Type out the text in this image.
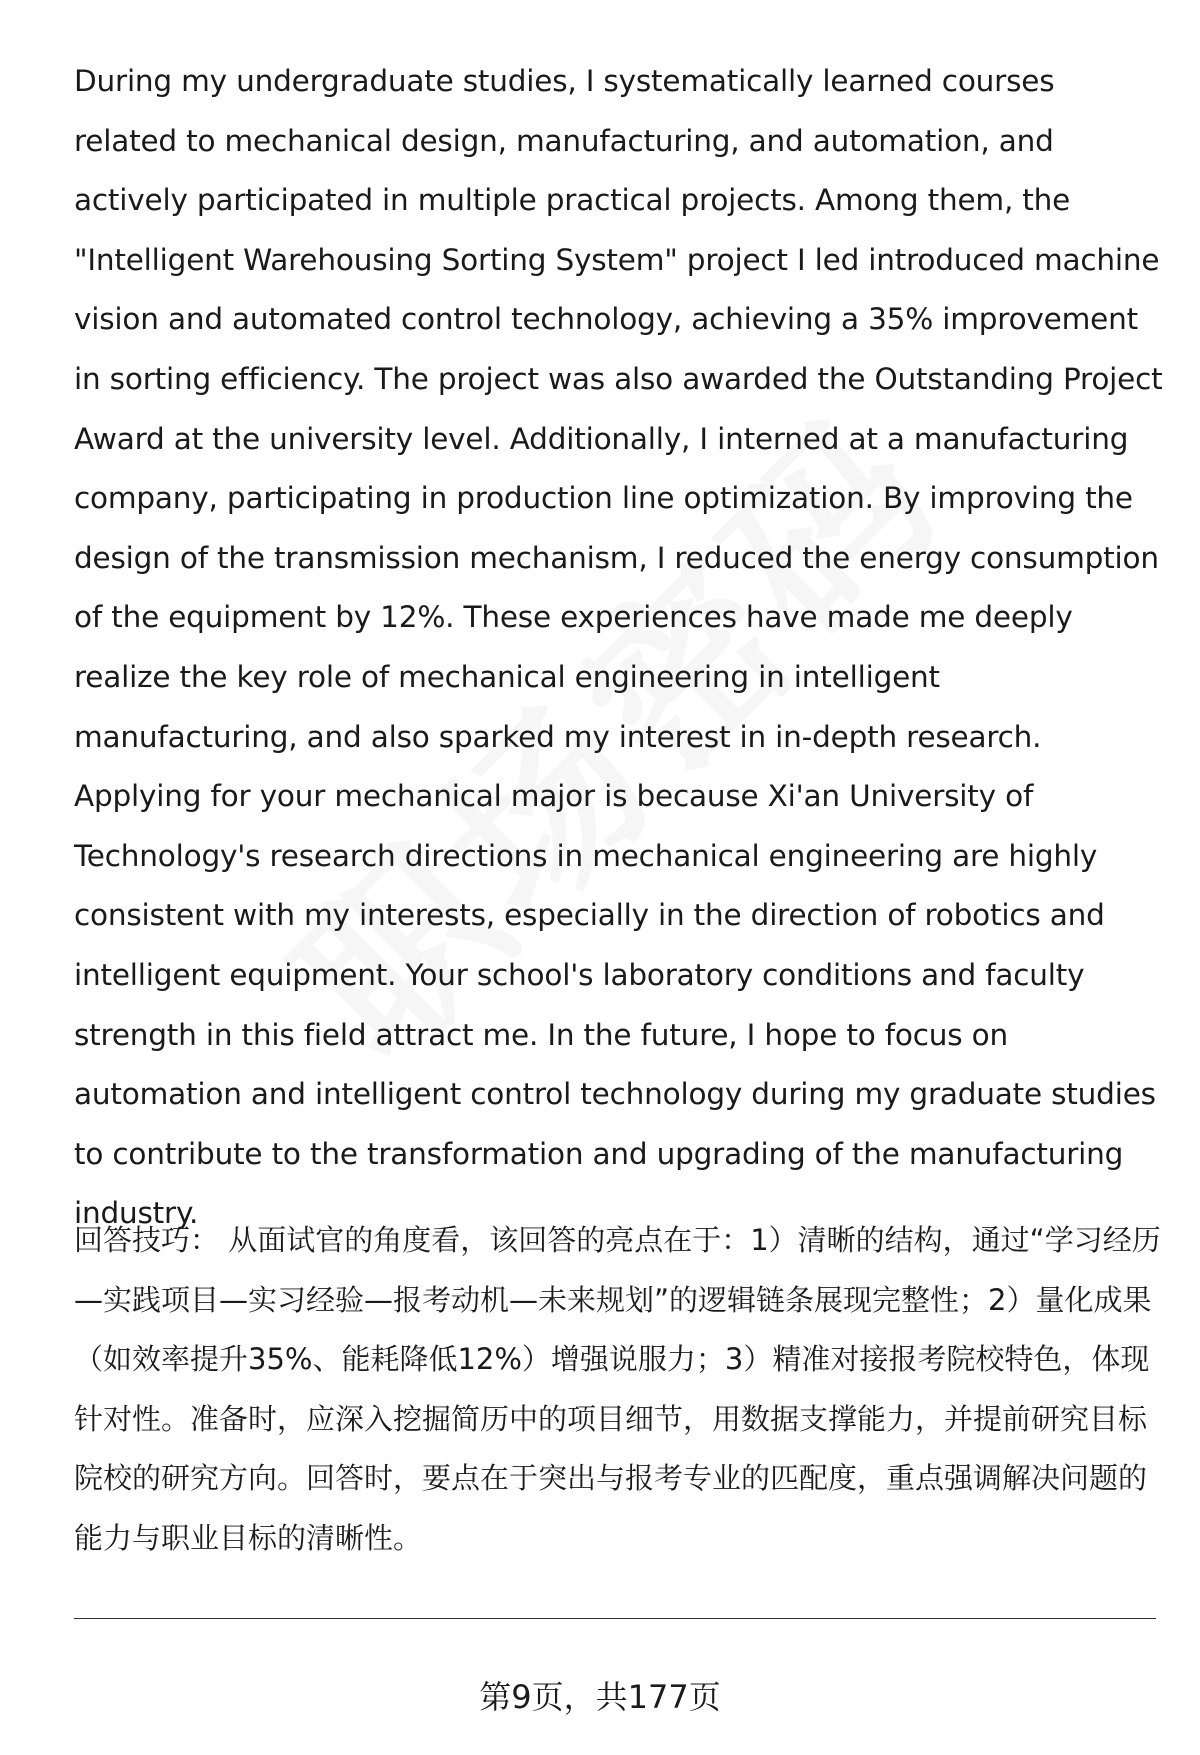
During my undergraduate studies, I systematically learned courses related to mechanical design, manufacturing, and automation, and actively participated in multiple practical projects. Among them, the "Intelligent Warehousing Sorting System" project I led introduced machine vision and automated control technology, achieving a 35% improvement in sorting efficiency. The project was also awarded the Outstanding Project Award at the university level. Additionally, I interned at a manufacturing company, participating in production line optimization. By improving the design of the transmission mechanism, I reduced the energy consumption of the equipment by 12%. These experiences have made me deeply realize the key role of mechanical engineering in intelligent manufacturing, and also sparked my interest in in-depth research. Applying for your mechanical major is because Xi'an University of Technology's research directions in mechanical engineering are highly consistent with my interests, especially in the direction of robotics and intelligent equipment. Your school's laboratory conditions and faculty strength in this field attract me. In the future, I hope to focus on automation and intelligent control technology during my graduate studies to contribute to the transformation and upgrading of the manufacturing industry.

回答技巧： 从面试官的角度看，该回答的亮点在于：1）清晰的结构，通过“学习经历—实践项目—实习经验—报考动机—未来规划”的逻辑链条展现完整性；2）量化成果（如效率提升35%、能耗降低12%）增强说服力；3）精准对接报考院校特色，体现针对性。准备时，应深入挖掘简历中的项目细节，用数据支撑能力，并提前研究目标院校的研究方向。回答时，要点在于突出与报考专业的匹配度，重点强调解决问题的能力与职业目标的清晰性。

第9页，共177页
